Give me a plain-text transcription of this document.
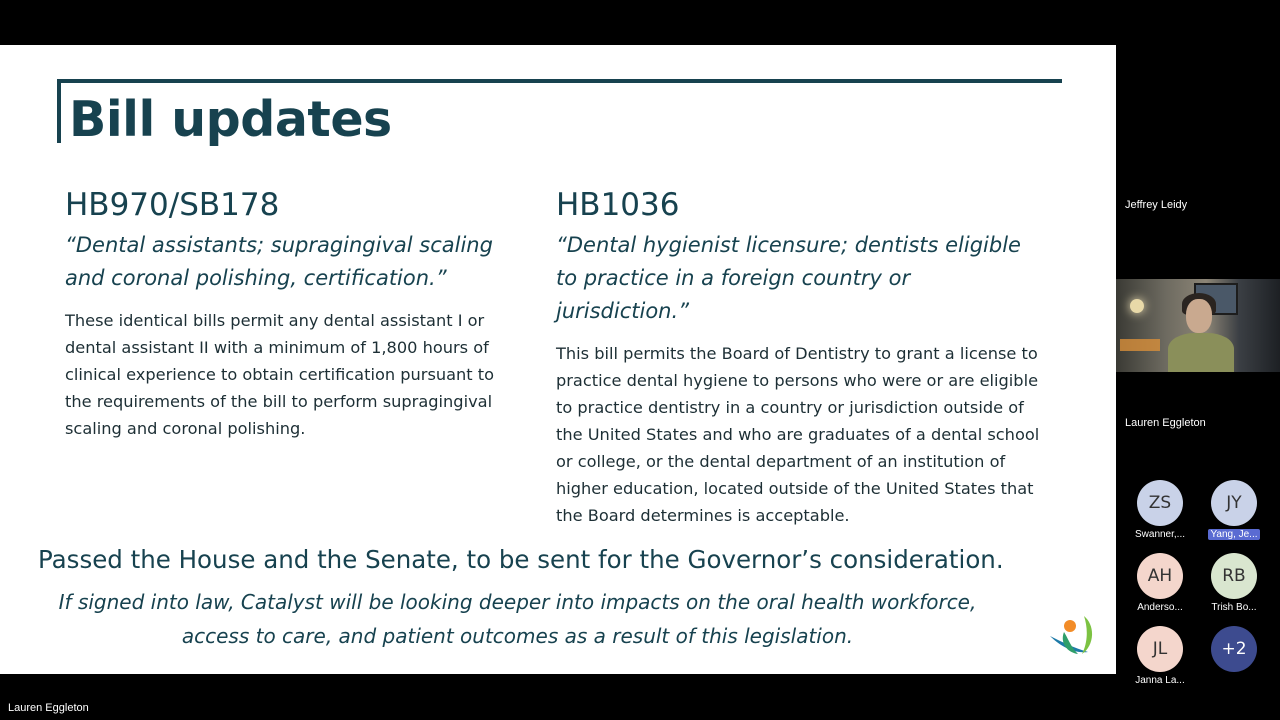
Bill updates
HB970/SB178

“Dental assistants; supragingival scaling and coronal polishing, certification.”

These identical bills permit any dental assistant I or dental assistant II with a minimum of 1,800 hours of clinical experience to obtain certification pursuant to the requirements of the bill to perform supragingival scaling and coronal polishing.

HB1036

“Dental hygienist licensure; dentists eligible to practice in a foreign country or jurisdiction.”

This bill permits the Board of Dentistry to grant a license to practice dental hygiene to persons who were or are eligible to practice dentistry in a country or jurisdiction outside of the United States and who are graduates of a dental school or college, or the dental department of an institution of higher education, located outside of the United States that the Board determines is acceptable.

Passed the House and the Senate, to be sent for the Governor’s consideration.

If signed into law, Catalyst will be looking deeper into impacts on the oral health workforce, access to care, and patient outcomes as a result of this legislation.

Jeffrey Leidy
Lauren Eggleton
ZS
Swanner,...
JY
Yang, Je...
AH
Anderso...
RB
Trish Bo...
JL
Janna La...
+2
Lauren Eggleton
